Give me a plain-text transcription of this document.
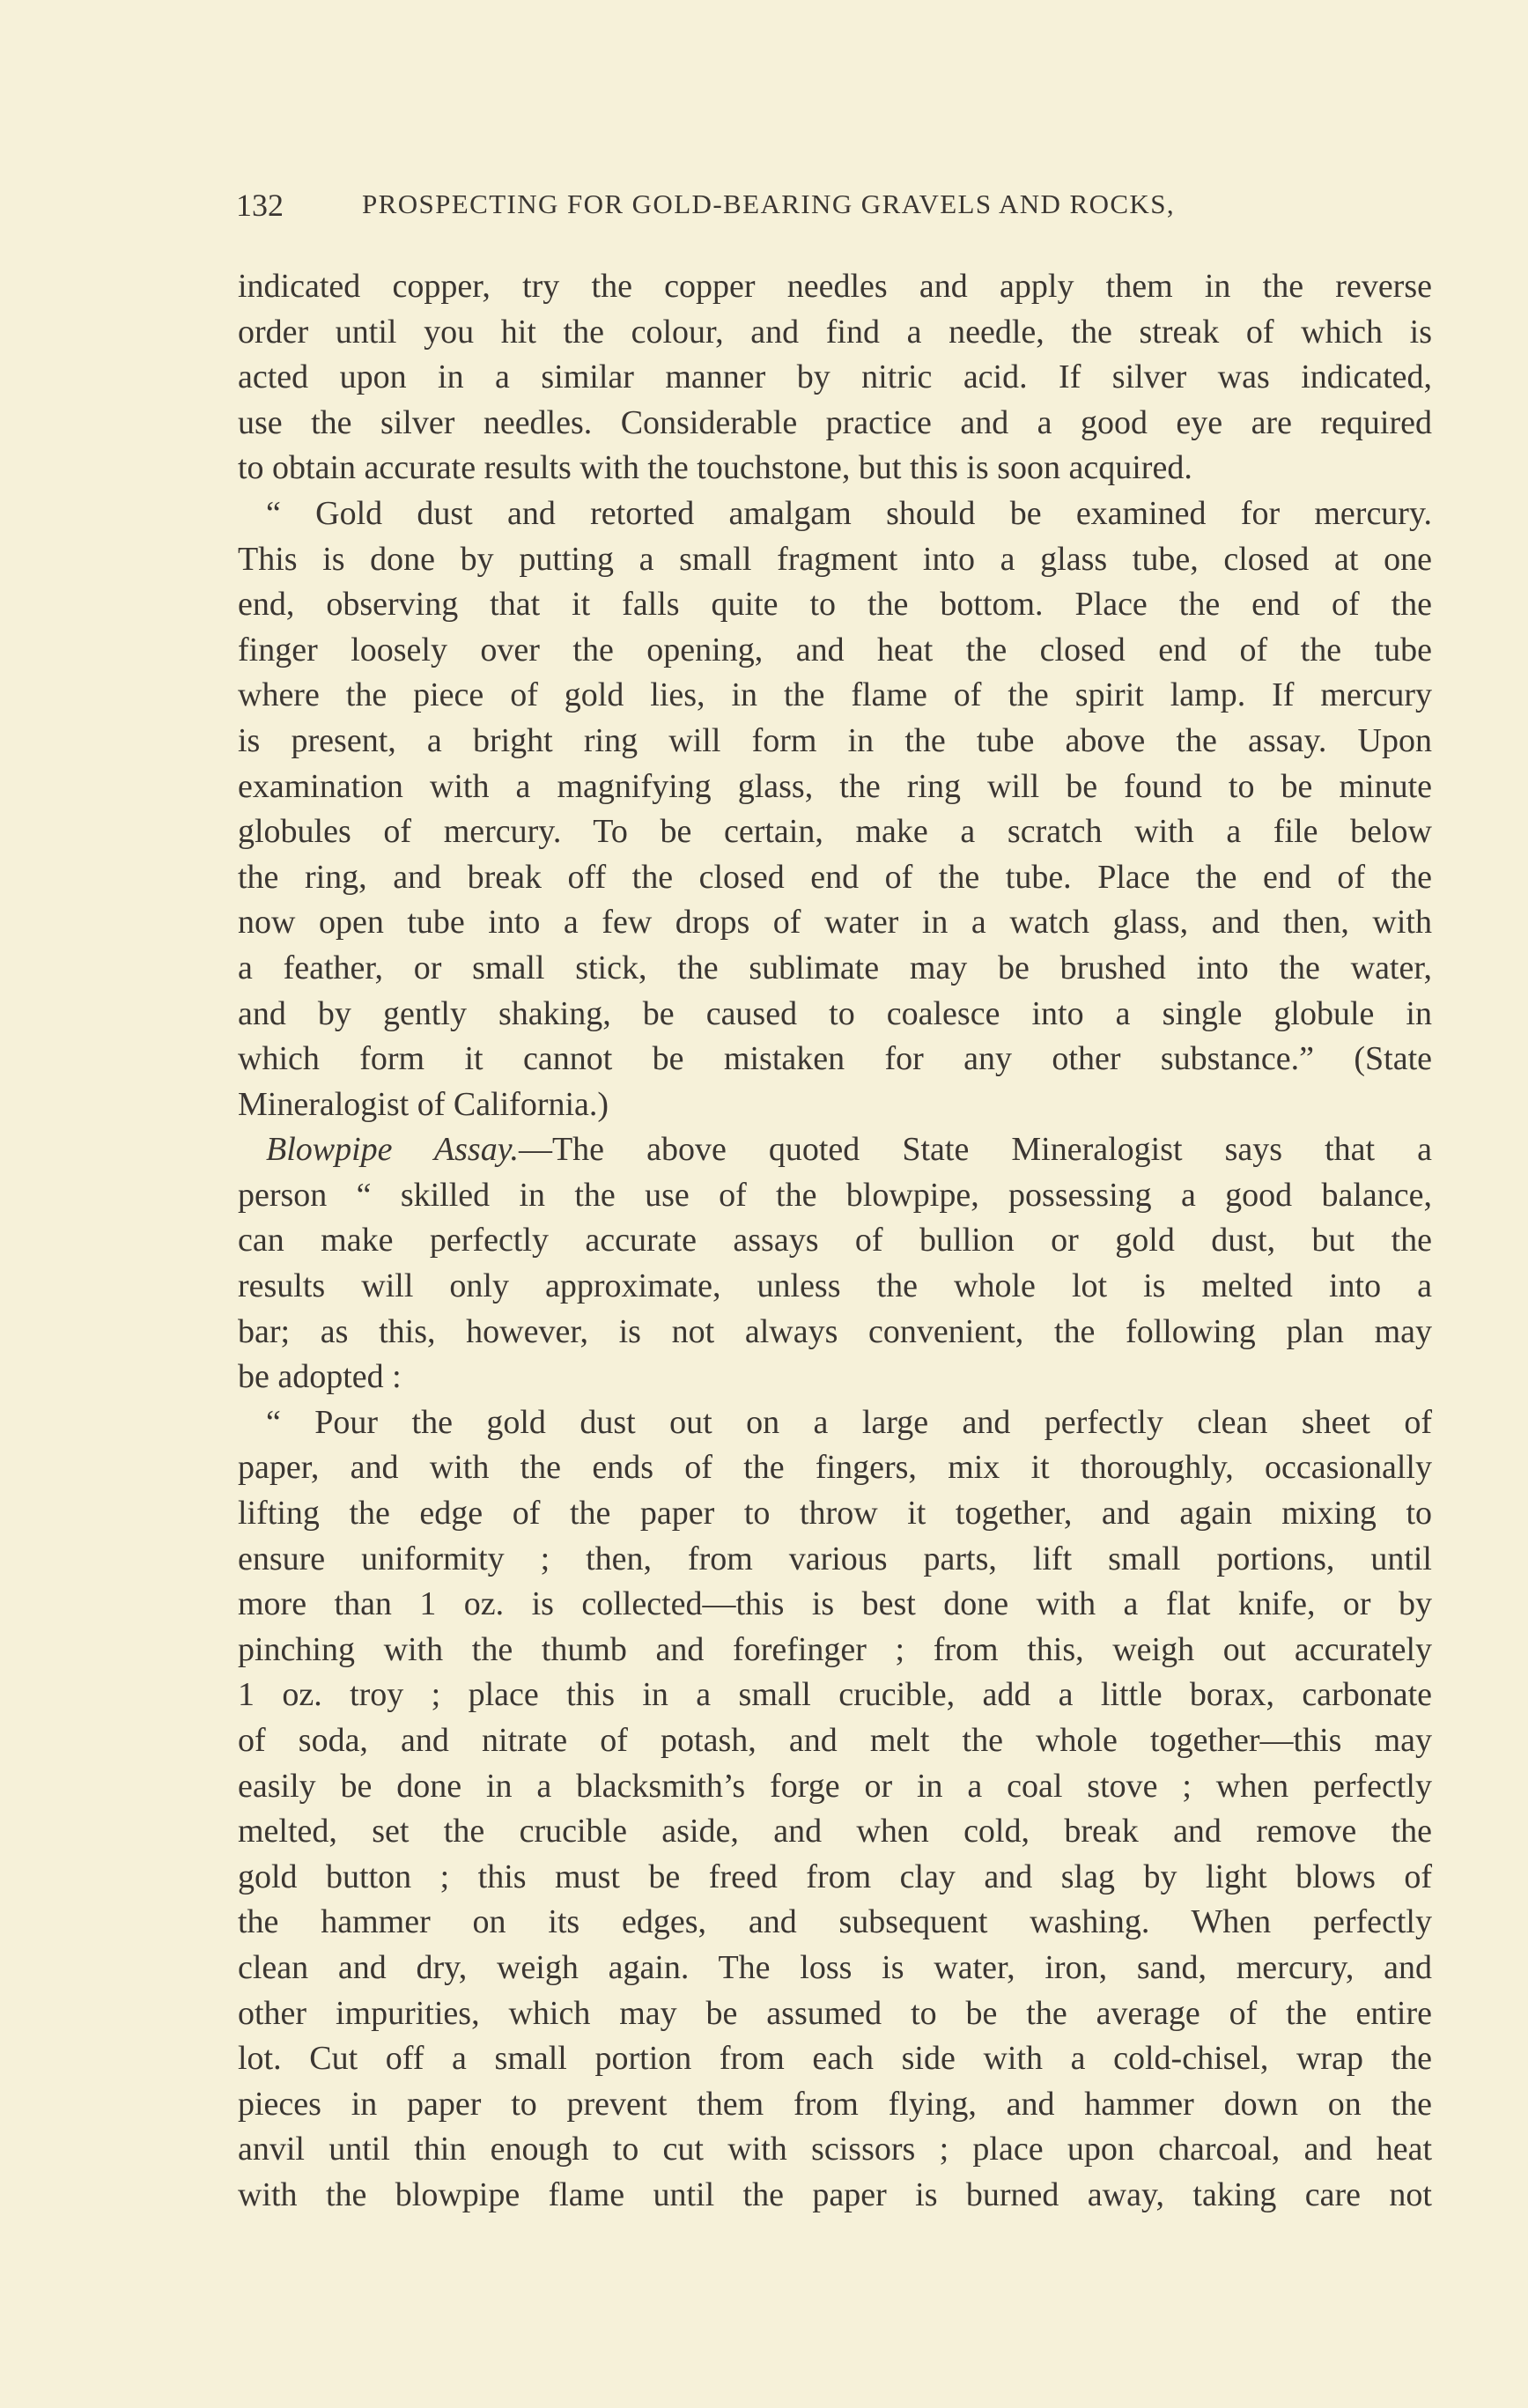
132	PROSPECTING FOR GOLD-BEARING GRAVELS AND ROCKS,
indicated copper, try the copper needles and apply them in the reverse
order until you hit the colour, and find a needle, the streak of which is
acted upon in a similar manner by nitric acid. If silver was indicated,
use the silver needles. Considerable practice and a good eye are required
to obtain accurate results with the touchstone, but this is soon acquired.
“ Gold dust and retorted amalgam should be examined for mercury.
This is done by putting a small fragment into a glass tube, closed at one
end, observing that it falls quite to the bottom. Place the end of the
finger loosely over the opening, and heat the closed end of the tube
where the piece of gold lies, in the flame of the spirit lamp. If mercury
is present, a bright ring will form in the tube above the assay. Upon
examination with a magnifying glass, the ring will be found to be minute
globules of mercury. To be certain, make a scratch with a file below
the ring, and break off the closed end of the tube. Place the end of the
now open tube into a few drops of water in a watch glass, and then, with
a feather, or small stick, the sublimate may be brushed into the water,
and by gently shaking, be caused to coalesce into a single globule in
which form it cannot be mistaken for any other substance.” (State
Mineralogist of California.)
Blowpipe Assay.—The above quoted State Mineralogist says that a
person “ skilled in the use of the blowpipe, possessing a good balance,
can make perfectly accurate assays of bullion or gold dust, but the
results will only approximate, unless the whole lot is melted into a
bar; as this, however, is not always convenient, the following plan may
be adopted :
“ Pour the gold dust out on a large and perfectly clean sheet of
paper, and with the ends of the fingers, mix it thoroughly, occasionally
lifting the edge of the paper to throw it together, and again mixing to
ensure uniformity ; then, from various parts, lift small portions, until
more than 1 oz. is collected—this is best done with a flat knife, or by
pinching with the thumb and forefinger ; from this, weigh out accurately
1 oz. troy ; place this in a small crucible, add a little borax, carbonate
of soda, and nitrate of potash, and melt the whole together—this may
easily be done in a blacksmith’s forge or in a coal stove ; when perfectly
melted, set the crucible aside, and when cold, break and remove the
gold button ; this must be freed from clay and slag by light blows of
the hammer on its edges, and subsequent washing. When perfectly
clean and dry, weigh again. The loss is water, iron, sand, mercury, and
other impurities, which may be assumed to be the average of the entire
lot. Cut off a small portion from each side with a cold-chisel, wrap the
pieces in paper to prevent them from flying, and hammer down on the
anvil until thin enough to cut with scissors ; place upon charcoal, and heat
with the blowpipe flame until the paper is burned away, taking care not
